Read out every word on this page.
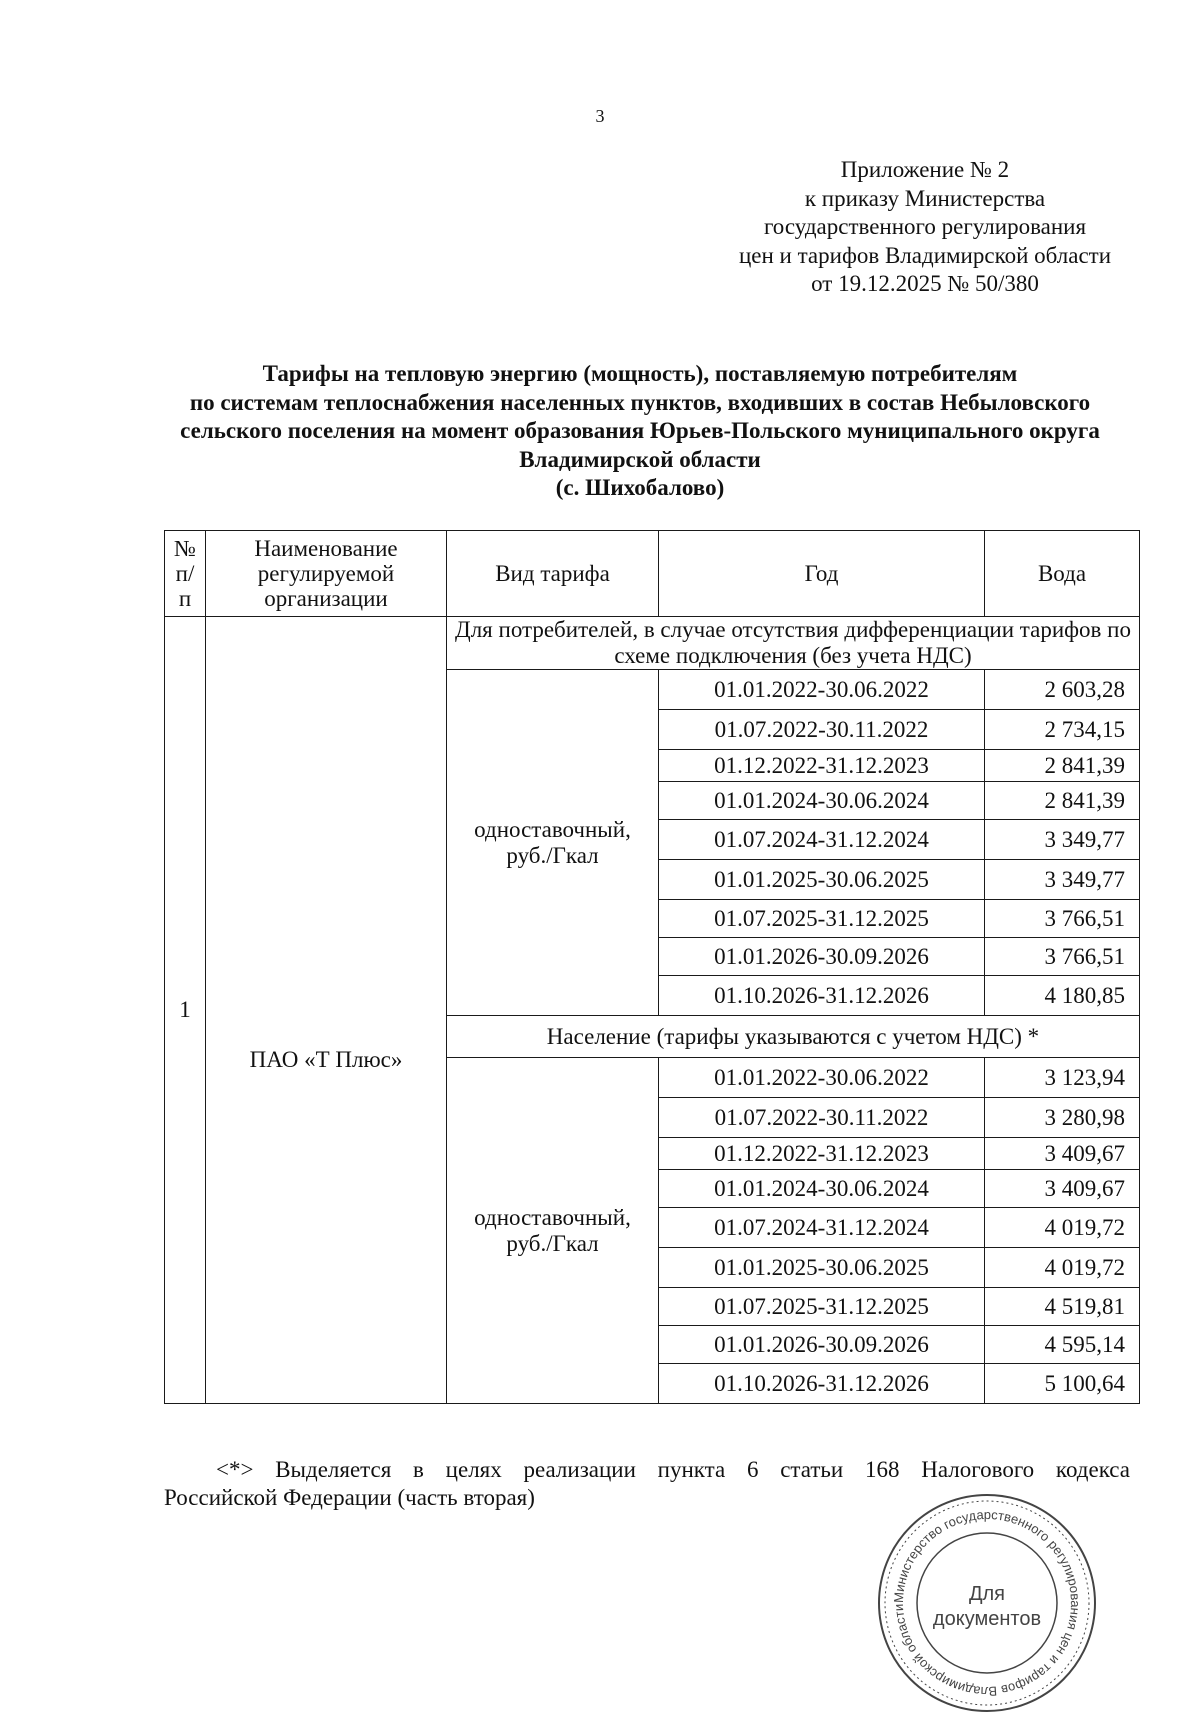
3
Приложение № 2
к приказу Министерства
государственного регулирования
цен и тарифов Владимирской области
от 19.12.2025 № 50/380
Тарифы на тепловую энергию (мощность), поставляемую потребителям
по системам теплоснабжения населенных пунктов, входивших в состав Небыловского
сельского поселения на момент образования Юрьев-Польского муниципального округа
Владимирской области
(с. Шихобалово)
№ п/п	Наименование регулируемой организации	Вид тарифа	Год	Вода
1	ПАО «Т Плюс»	Для потребителей, в случае отсутствия дифференциации тарифов по схеме подключения (без учета НДС)		
		одноставочный, руб./Гкал	01.01.2022-30.06.2022	2 603,28
			01.07.2022-30.11.2022	2 734,15
			01.12.2022-31.12.2023	2 841,39
			01.01.2024-30.06.2024	2 841,39
			01.07.2024-31.12.2024	3 349,77
			01.01.2025-30.06.2025	3 349,77
			01.07.2025-31.12.2025	3 766,51
			01.01.2026-30.09.2026	3 766,51
			01.10.2026-31.12.2026	4 180,85
		Население (тарифы указываются с учетом НДС) *		
		одноставочный, руб./Гкал	01.01.2022-30.06.2022	3 123,94
			01.07.2022-30.11.2022	3 280,98
			01.12.2022-31.12.2023	3 409,67
			01.01.2024-30.06.2024	3 409,67
			01.07.2024-31.12.2024	4 019,72
			01.01.2025-30.06.2025	4 019,72
			01.07.2025-31.12.2025	4 519,81
			01.01.2026-30.09.2026	4 595,14
			01.10.2026-31.12.2026	5 100,64
<*> Выделяется в целях реализации пункта 6 статьи 168 Налогового кодекса
Российской Федерации (часть вторая)
Министерство государственного регулирования цен и тарифов Владимирской области
Для
документов
